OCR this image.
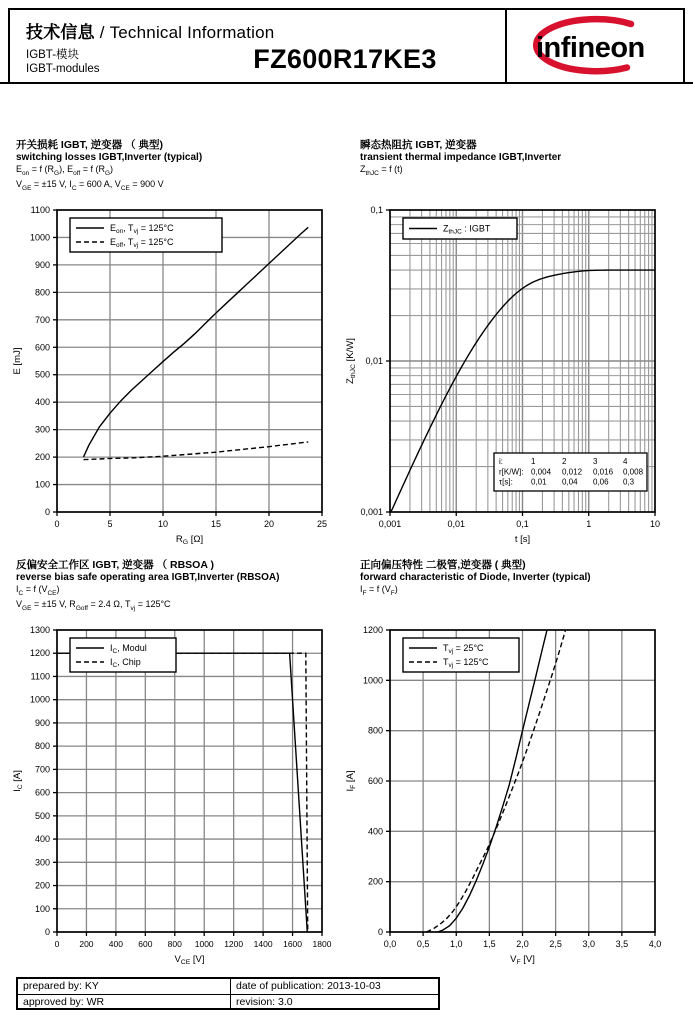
技术信息 / Technical Information
IGBT-模块
IGBT-modules	FZ600R17KE3	infineon
开关损耗 IGBT, 逆变器 （ 典型)
switching losses IGBT,Inverter (typical)
$E_{on} = f$ $(R_G)$, $E_{off} = f$ $(R_G)$
$V_{GE} = \pm 15$ V, $I_C = 600$ A, $V_{CE} = 900$ V
瞬态热阻抗 IGBT, 逆变器
transient thermal impedance IGBT,Inverter
$Z_{thJC} = f$ (t)
反偏安全工作区 IGBT, 逆变器 （ RBSOA )
reverse bias safe operating area IGBT,Inverter (RBSOA)
$I_C = f$ $(V_{CE})$
$V_{GE} = \pm 15$ V, $R_{Goff} = 2.4$ Ω, $T_{vj} = 125^\circ C$
正向偏压特性 二极管,逆变器 ( 典型)
forward characteristic of Diode, Inverter (typical)
$I_F = f$ $(V_F)$
0	5	10	15	20	25
0
100
200
300
400
500
600
700
800
900
1000
1100
$R_G$ [Ω]
E [mJ]
$E_{on}$, $T_{vj} = 125^\circ C$
$E_{off}$, $T_{vj} = 125^\circ C$
0,001	0,01	0,1	1	10
0,001
0,01
0,1
t [s]
$Z_{thJC}$ [K/W]
$Z_{thJC}$ : IGBT
i:	1	2	3	4
r[K/W]: 0,004 0,012 0,016 0,008
τ[s]: 0,01 0,04 0,06 0,3
0 200 400 600 800 1000 1200 1400 1600 1800
0
100
200
300
400
500
600
700
800
900
1000
1100
1200
1300
$V_{CE}$ [V]
$I_C$ [A]
$I_C$, Modul
$I_C$, Chip
0,0 0,5 1,0 1,5 2,0 2,5 3,0 3,5 4,0
0
200
400
600
800
1000
1200
$V_F$ [V]
$I_F$ [A]
$T_{vj} = 25^\circ C$
$T_{vj} = 125^\circ C$
prepared by: KY	date of publication: 2013-10-03
approved by: WR	revision: 3.0
